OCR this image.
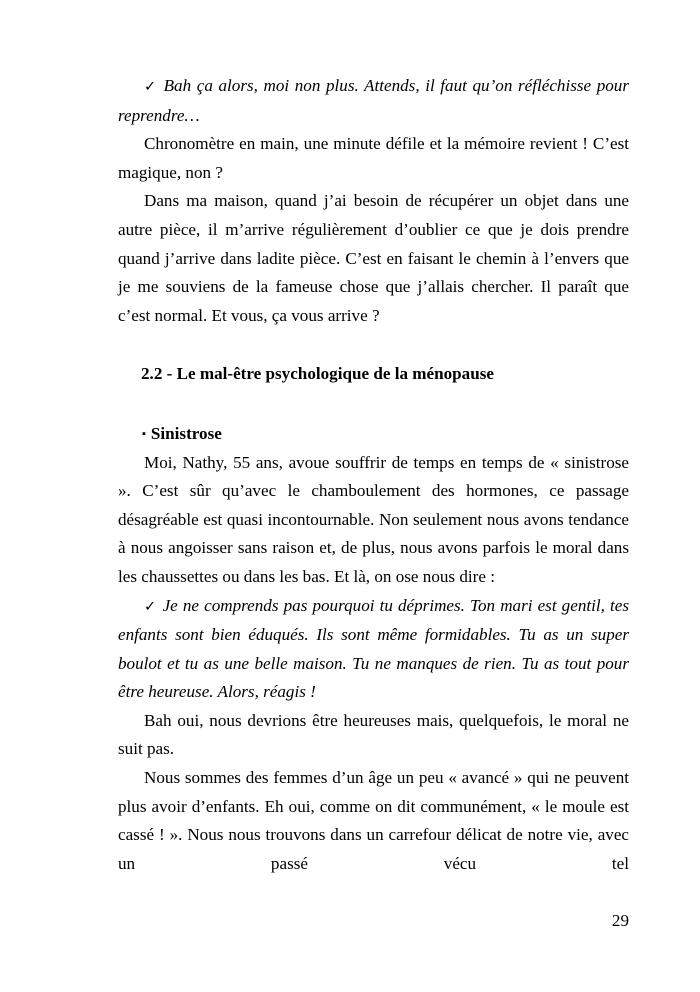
✓ Bah ça alors, moi non plus. Attends, il faut qu’on réfléchisse pour reprendre…

Chronomètre en main, une minute défile et la mémoire revient ! C’est magique, non ?

Dans ma maison, quand j’ai besoin de récupérer un objet dans une autre pièce, il m’arrive régulièrement d’oublier ce que je dois prendre quand j’arrive dans ladite pièce. C’est en faisant le chemin à l’envers que je me souviens de la fameuse chose que j’allais chercher. Il paraît que c’est normal. Et vous, ça vous arrive ?

2.2 - Le mal-être psychologique de la ménopause
▪ Sinistrose

Moi, Nathy, 55 ans, avoue souffrir de temps en temps de « sinistrose ». C’est sûr qu’avec le chamboulement des hormones, ce passage désagréable est quasi incontournable. Non seulement nous avons tendance à nous angoisser sans raison et, de plus, nous avons parfois le moral dans les chaussettes ou dans les bas. Et là, on ose nous dire :

✓ Je ne comprends pas pourquoi tu déprimes. Ton mari est gentil, tes enfants sont bien éduqués. Ils sont même formidables. Tu as un super boulot et tu as une belle maison. Tu ne manques de rien. Tu as tout pour être heureuse. Alors, réagis !

Bah oui, nous devrions être heureuses mais, quelquefois, le moral ne suit pas.

Nous sommes des femmes d’un âge un peu « avancé » qui ne peuvent plus avoir d’enfants. Eh oui, comme on dit communément, « le moule est cassé ! ». Nous nous trouvons dans un carrefour délicat de notre vie, avec un passé vécu tel

29
